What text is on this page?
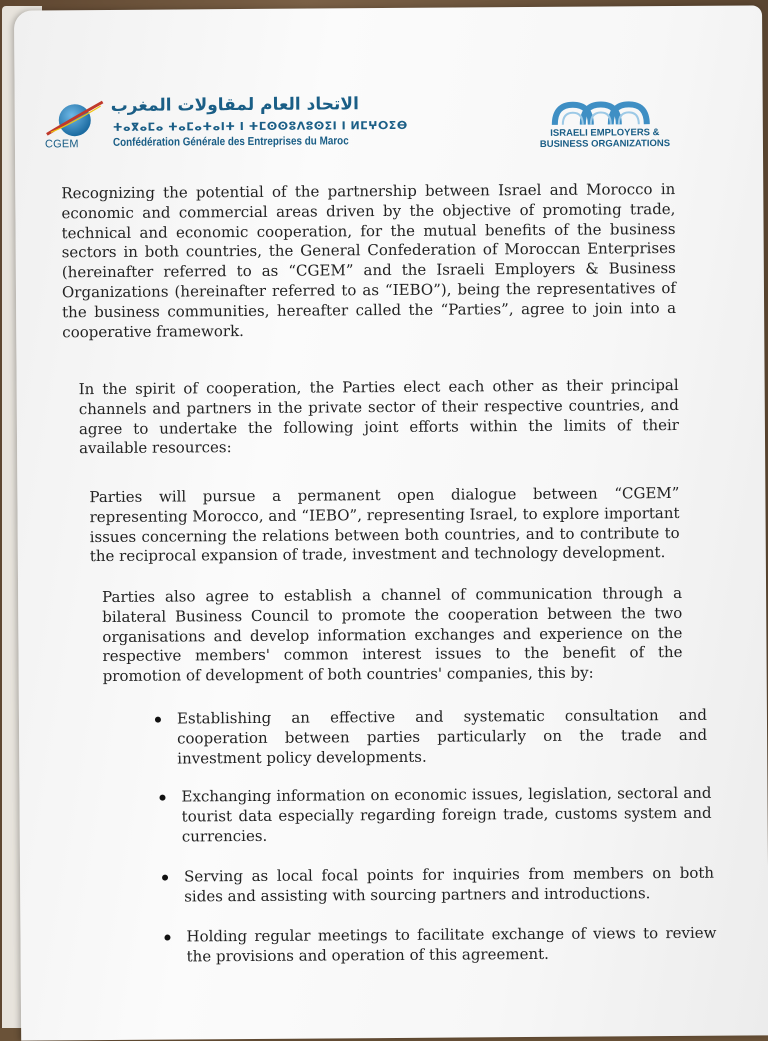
CGEM
الاتحاد العام لمقاولات المغرب
ⵜⴰⴳⴰⵎⴰ ⵜⴰⵎⴰⵜⴰⵏⵜ ⵏ ⵜⵎⵙⵙⵓⴷⵓⵙⵉⵏ ⵏ ⵍⵎⵖⵔⵉⴱ
Confédération Générale des Entreprises du Maroc
ISRAELI EMPLOYERS &
BUSINESS ORGANIZATIONS

Recognizing the potential of the partnership between Israel and Morocco in economic and commercial areas driven by the objective of promoting trade, technical and economic cooperation, for the mutual benefits of the business sectors in both countries, the General Confederation of Moroccan Enterprises (hereinafter referred to as “CGEM” and the Israeli Employers & Business Organizations (hereinafter referred to as “IEBO”), being the representatives of the business communities, hereafter called the “Parties”, agree to join into a cooperative framework.

In the spirit of cooperation, the Parties elect each other as their principal channels and partners in the private sector of their respective countries, and agree to undertake the following joint efforts within the limits of their available resources:

Parties will pursue a permanent open dialogue between “CGEM” representing Morocco, and “IEBO”, representing Israel, to explore important issues concerning the relations between both countries, and to contribute to the reciprocal expansion of trade, investment and technology development.

Parties also agree to establish a channel of communication through a bilateral Business Council to promote the cooperation between the two organisations and develop information exchanges and experience on the respective members' common interest issues to the benefit of the promotion of development of both countries' companies, this by:

Establishing an effective and systematic consultation and cooperation between parties particularly on the trade and investment policy developments.
Exchanging information on economic issues, legislation, sectoral and tourist data especially regarding foreign trade, customs system and currencies.
Serving as local focal points for inquiries from members on both sides and assisting with sourcing partners and introductions.
Holding regular meetings to facilitate exchange of views to review the provisions and operation of this agreement.
